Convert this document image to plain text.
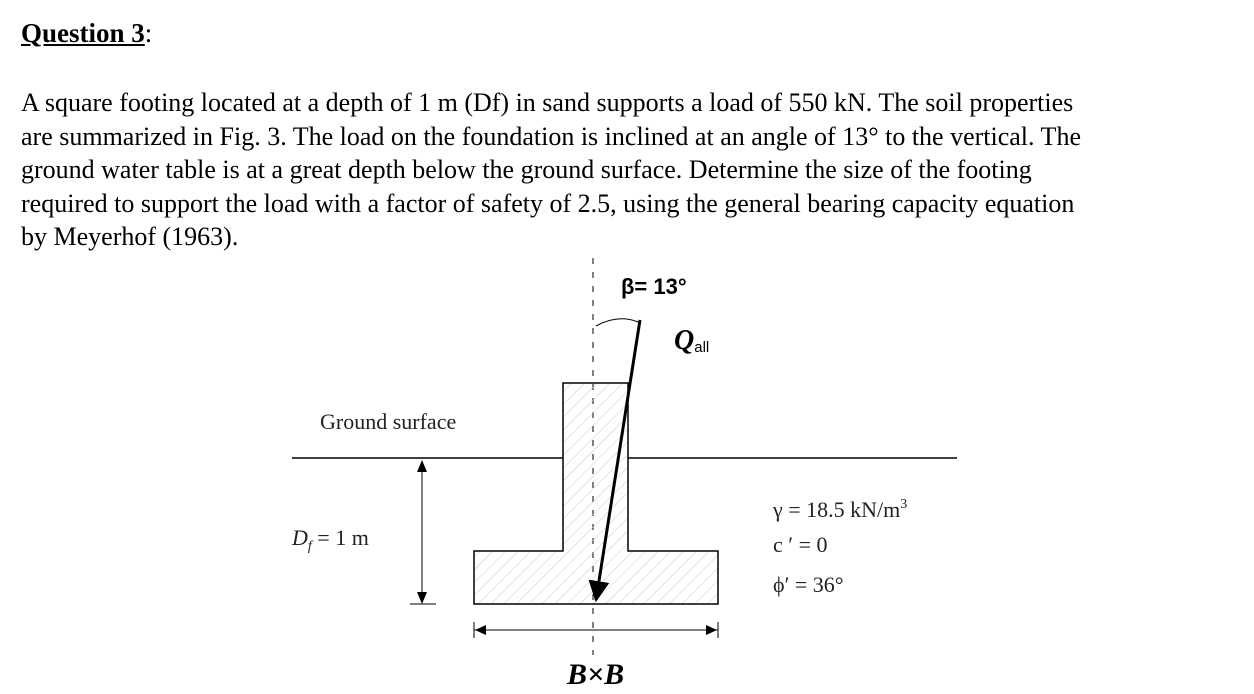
Question 3:
A square footing located at a depth of 1 m (Df) in sand supports a load of 550 kN. The soil properties
are summarized in Fig. 3. The load on the foundation is inclined at an angle of 13° to the vertical. The
ground water table is at a great depth below the ground surface. Determine the size of the footing
required to support the load with a factor of safety of 2.5, using the general bearing capacity equation
by Meyerhof (1963).
β= 13°
Qall
Ground surface
$D_f = 1$ m
γ = 18.5 $kN/m^3$
c ′ = 0
ϕ′ = 36°
B×B
